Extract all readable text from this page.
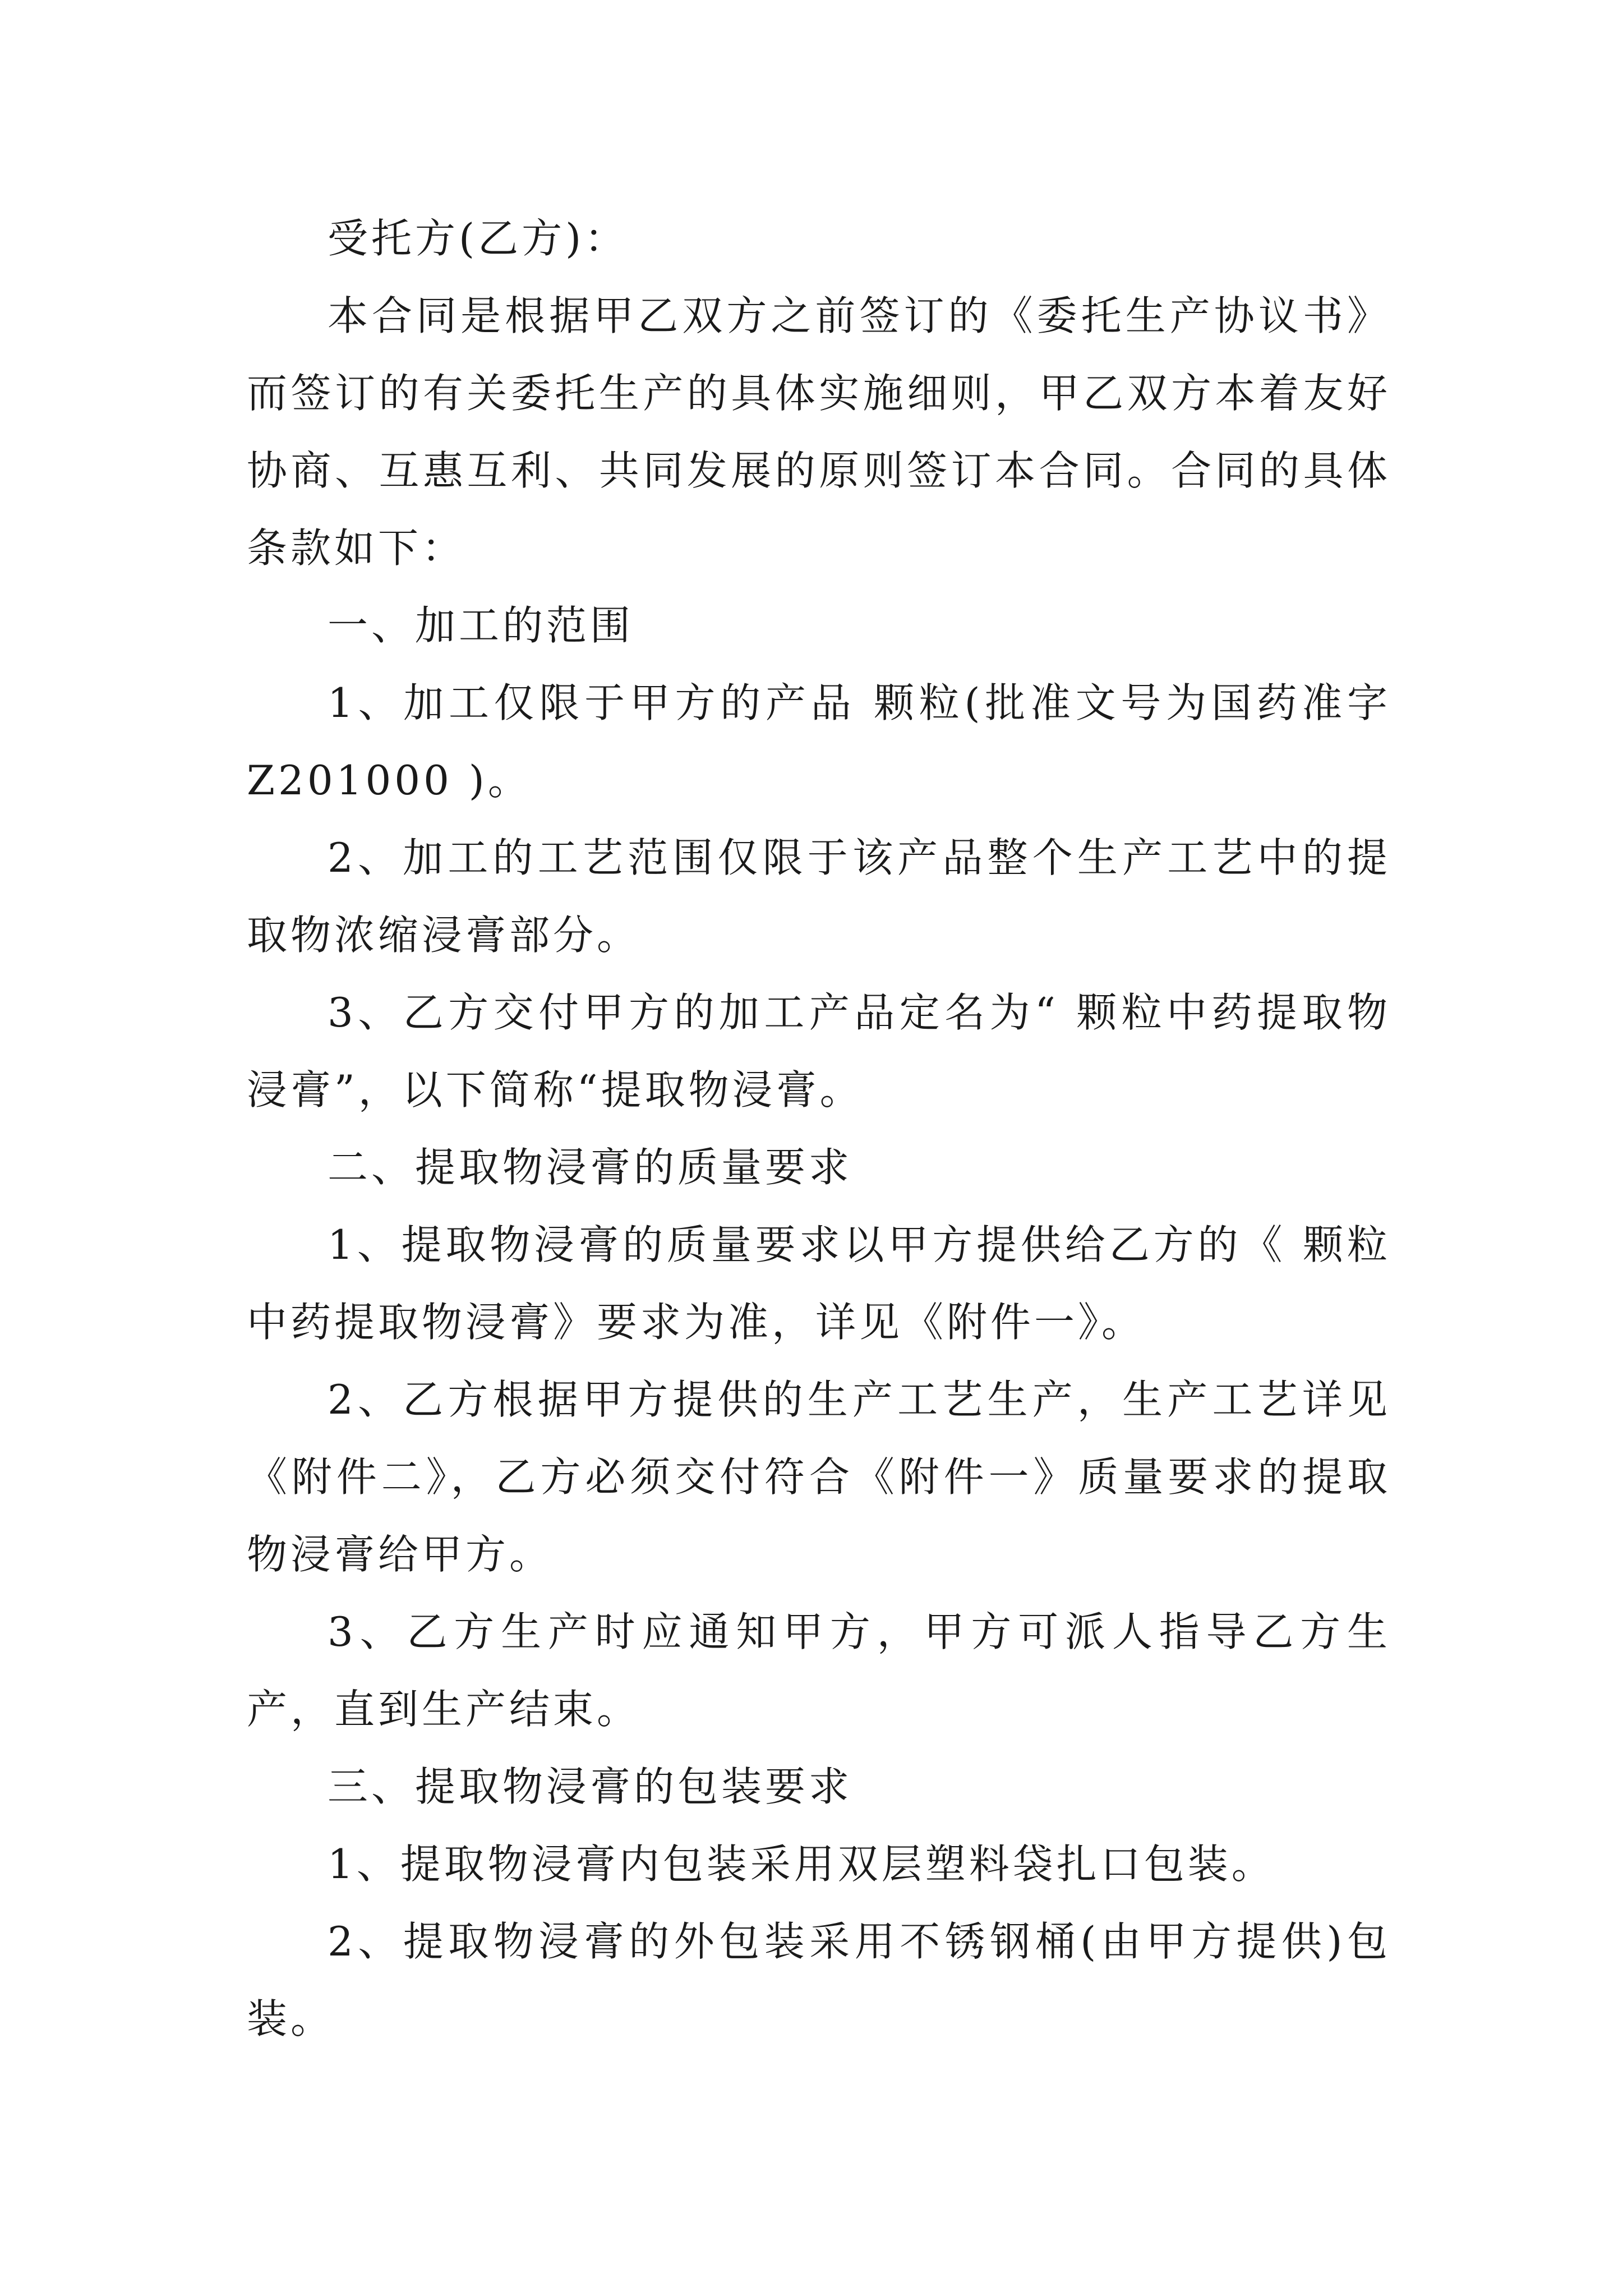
受托方(乙方)：

本合同是根据甲乙双方之前签订的《委托生产协议书》而签订的有关委托生产的具体实施细则，甲乙双方本着友好协商、互惠互利、共同发展的原则签订本合同。合同的具体条款如下：

一、加工的范围

1、加工仅限于甲方的产品 颗粒(批准文号为国药准字Z201000 )。

2、加工的工艺范围仅限于该产品整个生产工艺中的提取物浓缩浸膏部分。

3、乙方交付甲方的加工产品定名为“ 颗粒中药提取物浸膏”，以下简称“提取物浸膏。

二、提取物浸膏的质量要求

1、提取物浸膏的质量要求以甲方提供给乙方的《 颗粒中药提取物浸膏》要求为准，详见《附件一》。

2、乙方根据甲方提供的生产工艺生产，生产工艺详见《附件二》，乙方必须交付符合《附件一》质量要求的提取物浸膏给甲方。

3、乙方生产时应通知甲方，甲方可派人指导乙方生产，直到生产结束。

三、提取物浸膏的包装要求

1、提取物浸膏内包装采用双层塑料袋扎口包装。

2、提取物浸膏的外包装采用不锈钢桶(由甲方提供)包装。
